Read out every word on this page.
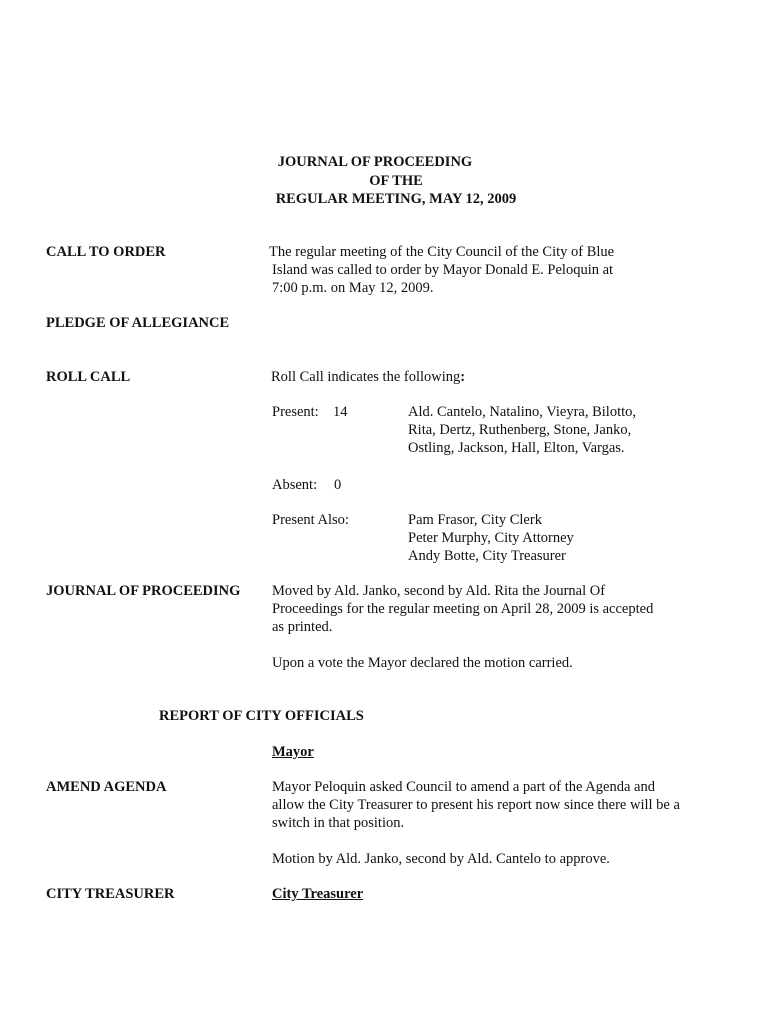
JOURNAL OF PROCEEDING
OF THE
REGULAR MEETING, MAY 12, 2009
CALL TO ORDER	The regular meeting of the City Council of the City of Blue
Island was called to order by Mayor Donald E. Peloquin at
7:00 p.m. on May 12, 2009.
PLEDGE OF ALLEGIANCE
ROLL CALL	Roll Call indicates the following:
Present: 14	Ald. Cantelo, Natalino, Vieyra, Bilotto,
Rita, Dertz, Ruthenberg, Stone, Janko,
Ostling, Jackson, Hall, Elton, Vargas.
Absent: 0
Present Also:	Pam Frasor, City Clerk
Peter Murphy, City Attorney
Andy Botte, City Treasurer
JOURNAL OF PROCEEDING Moved by Ald. Janko, second by Ald. Rita the Journal Of
Proceedings for the regular meeting on April 28, 2009 is accepted
as printed.
Upon a vote the Mayor declared the motion carried.
REPORT OF CITY OFFICIALS
Mayor
AMEND AGENDA	Mayor Peloquin asked Council to amend a part of the Agenda and
allow the City Treasurer to present his report now since there will be a
switch in that position.
Motion by Ald. Janko, second by Ald. Cantelo to approve.
CITY TREASURER	City Treasurer
